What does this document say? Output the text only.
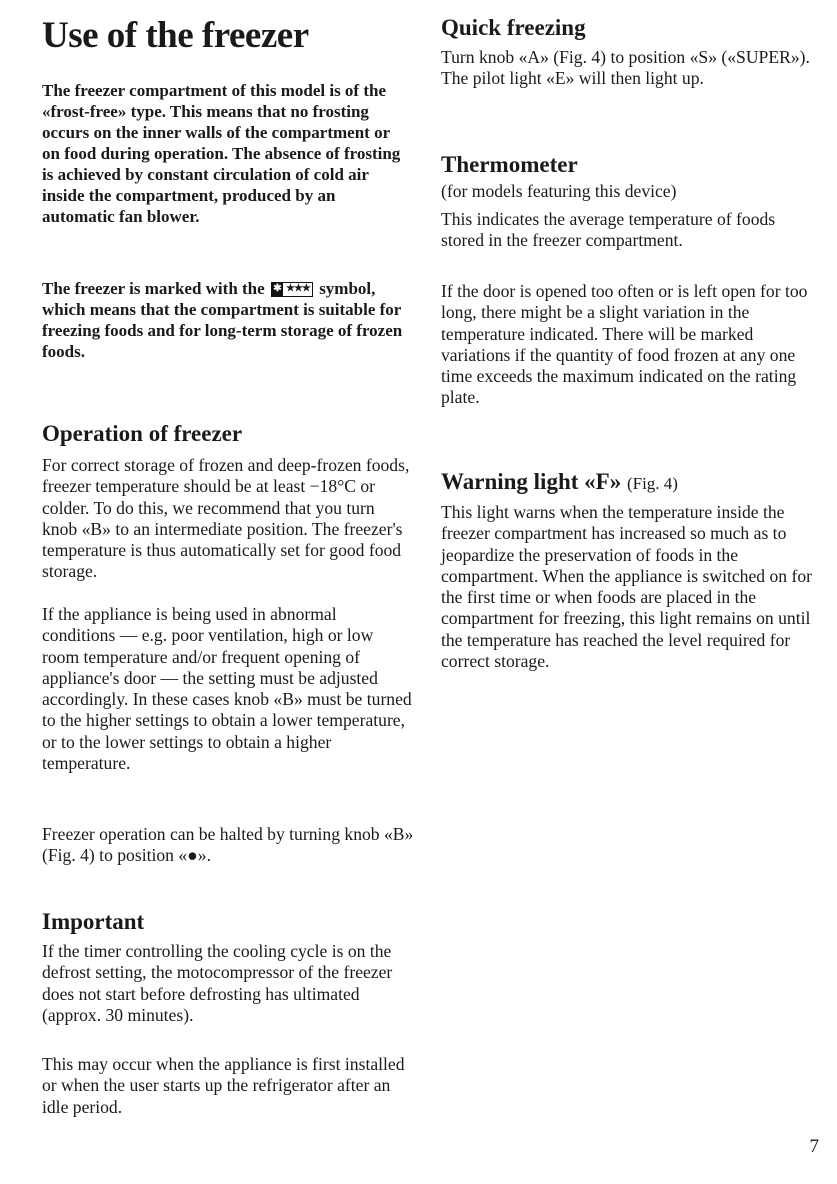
Use of the freezer

The freezer compartment of this model is of the «frost-free» type. This means that no frosting occurs on the inner walls of the compartment or on food during operation. The absence of frosting is achieved by constant circulation of cold air inside the compartment, produced by an automatic fan blower.

The freezer is marked with the ✱ ★★★ symbol, which means that the compartment is suitable for freezing foods and for long-term storage of frozen foods.

Operation of freezer

For correct storage of frozen and deep-frozen foods, freezer temperature should be at least −18°C or colder. To do this, we recommend that you turn knob «B» to an intermediate position. The freezer's temperature is thus automatically set for good food storage.

If the appliance is being used in abnormal conditions — e.g. poor ventilation, high or low room temperature and/or frequent opening of appliance's door — the setting must be adjusted accordingly. In these cases knob «B» must be turned to the higher settings to obtain a lower temperature, or to the lower settings to obtain a higher temperature.

Freezer operation can be halted by turning knob «B» (Fig. 4) to position «●».

Important

If the timer controlling the cooling cycle is on the defrost setting, the motocompressor of the freezer does not start before defrosting has ultimated (approx. 30 minutes).

This may occur when the appliance is first installed or when the user starts up the refrigerator after an idle period.

Quick freezing

Turn knob «A» (Fig. 4) to position «S» («SUPER»). The pilot light «E» will then light up.

Thermometer

(for models featuring this device)

This indicates the average temperature of foods stored in the freezer compartment.

If the door is opened too often or is left open for too long, there might be a slight variation in the temperature indicated. There will be marked variations if the quantity of food frozen at any one time exceeds the maximum indicated on the rating plate.

Warning light «F» (Fig. 4)

This light warns when the temperature inside the freezer compartment has increased so much as to jeopardize the preservation of foods in the compartment. When the appliance is switched on for the first time or when foods are placed in the compartment for freezing, this light remains on until the temperature has reached the level required for correct storage.

7
